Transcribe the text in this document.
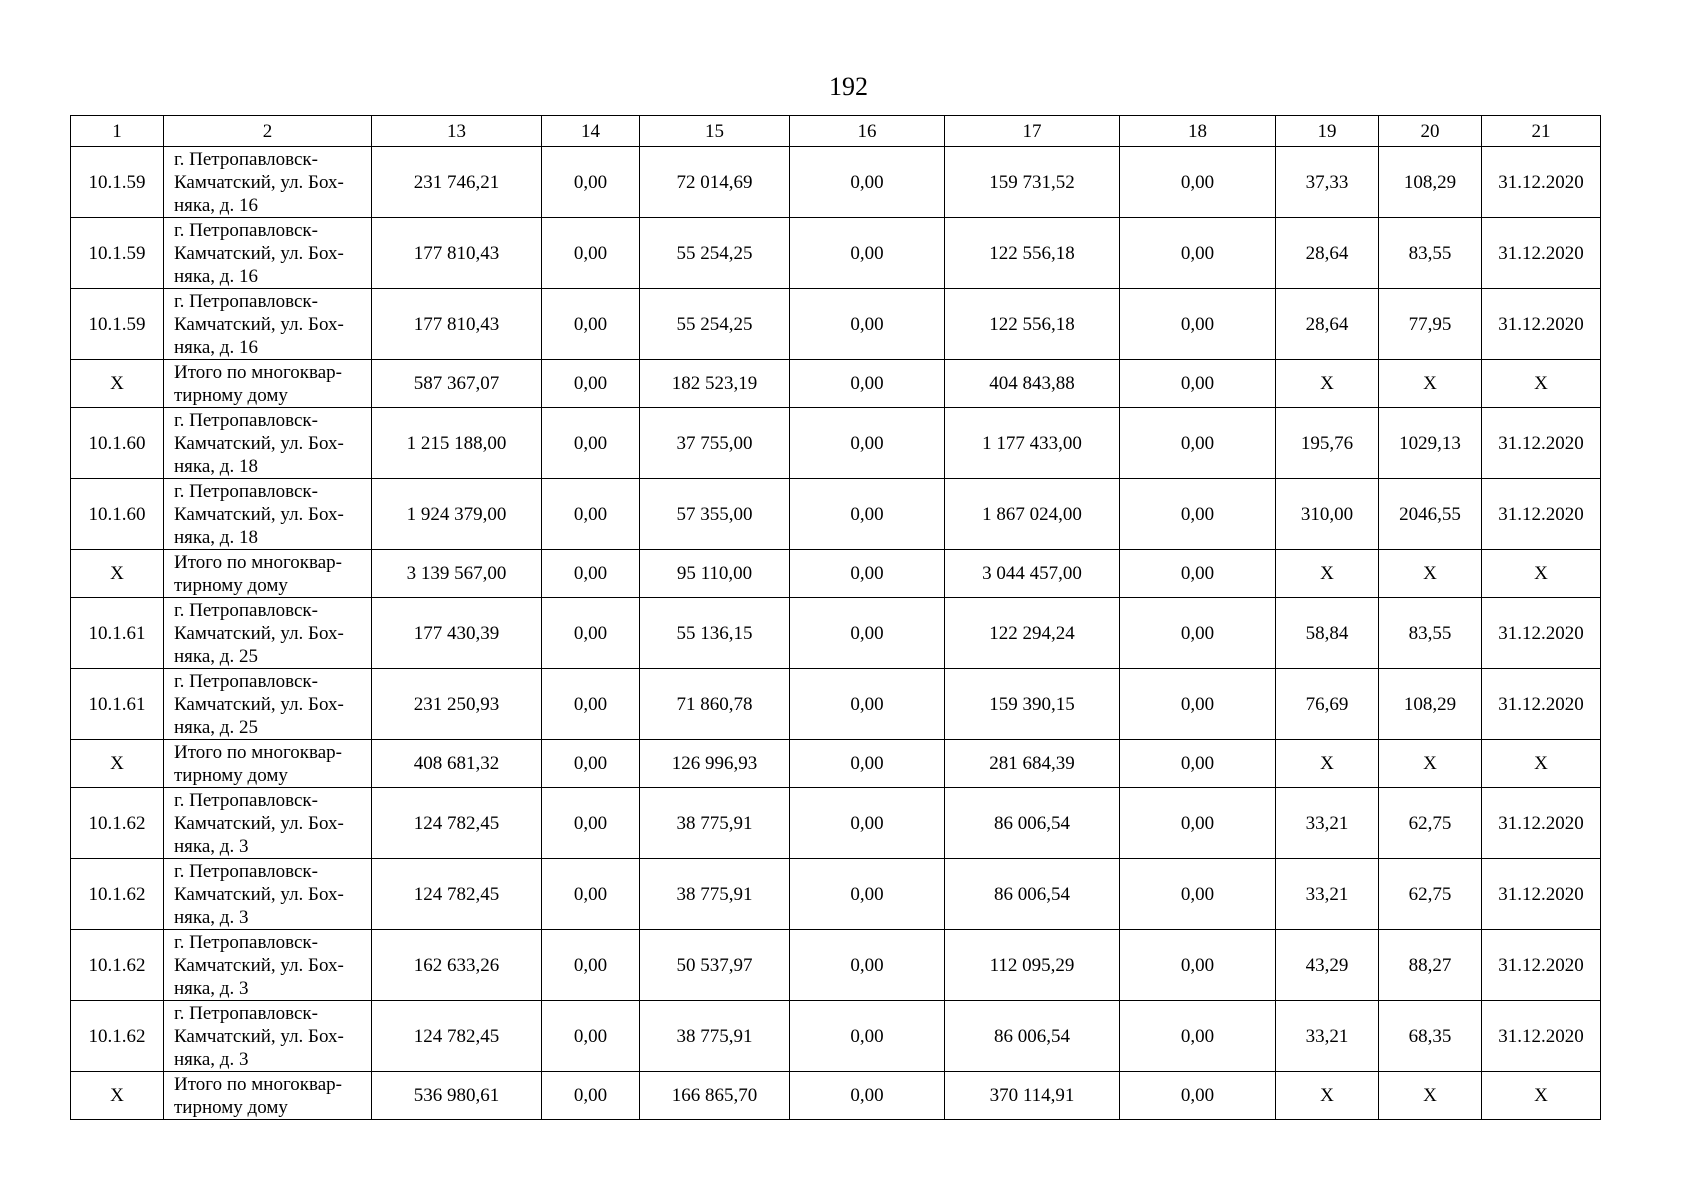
192
1	2	13	14	15	16	17	18	19	20	21
10.1.59	г. Петропавловск-
Камчатский, ул. Бох-
няка, д. 16	231 746,21	0,00	72 014,69	0,00	159 731,52	0,00	37,33	108,29	31.12.2020
10.1.59	г. Петропавловск-
Камчатский, ул. Бох-
няка, д. 16	177 810,43	0,00	55 254,25	0,00	122 556,18	0,00	28,64	83,55	31.12.2020
10.1.59	г. Петропавловск-
Камчатский, ул. Бох-
няка, д. 16	177 810,43	0,00	55 254,25	0,00	122 556,18	0,00	28,64	77,95	31.12.2020
Х	Итого по многоквар-
тирному дому	587 367,07	0,00	182 523,19	0,00	404 843,88	0,00	Х	Х	Х
10.1.60	г. Петропавловск-
Камчатский, ул. Бох-
няка, д. 18	1 215 188,00	0,00	37 755,00	0,00	1 177 433,00	0,00	195,76	1029,13	31.12.2020
10.1.60	г. Петропавловск-
Камчатский, ул. Бох-
няка, д. 18	1 924 379,00	0,00	57 355,00	0,00	1 867 024,00	0,00	310,00	2046,55	31.12.2020
Х	Итого по многоквар-
тирному дому	3 139 567,00	0,00	95 110,00	0,00	3 044 457,00	0,00	Х	Х	Х
10.1.61	г. Петропавловск-
Камчатский, ул. Бох-
няка, д. 25	177 430,39	0,00	55 136,15	0,00	122 294,24	0,00	58,84	83,55	31.12.2020
10.1.61	г. Петропавловск-
Камчатский, ул. Бох-
няка, д. 25	231 250,93	0,00	71 860,78	0,00	159 390,15	0,00	76,69	108,29	31.12.2020
Х	Итого по многоквар-
тирному дому	408 681,32	0,00	126 996,93	0,00	281 684,39	0,00	Х	Х	Х
10.1.62	г. Петропавловск-
Камчатский, ул. Бох-
няка, д. 3	124 782,45	0,00	38 775,91	0,00	86 006,54	0,00	33,21	62,75	31.12.2020
10.1.62	г. Петропавловск-
Камчатский, ул. Бох-
няка, д. 3	124 782,45	0,00	38 775,91	0,00	86 006,54	0,00	33,21	62,75	31.12.2020
10.1.62	г. Петропавловск-
Камчатский, ул. Бох-
няка, д. 3	162 633,26	0,00	50 537,97	0,00	112 095,29	0,00	43,29	88,27	31.12.2020
10.1.62	г. Петропавловск-
Камчатский, ул. Бох-
няка, д. 3	124 782,45	0,00	38 775,91	0,00	86 006,54	0,00	33,21	68,35	31.12.2020
Х	Итого по многоквар-
тирному дому	536 980,61	0,00	166 865,70	0,00	370 114,91	0,00	Х	Х	Х
